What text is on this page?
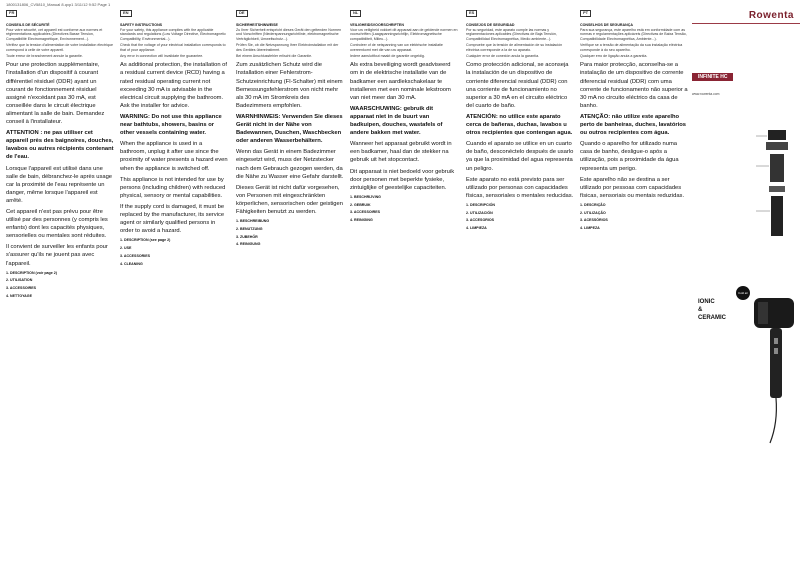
1800131806_CV5810_Manual 8.qxp1 3/11/12 9:52 Page 1
FR
CONSEILS DE SÉCURITÉ

Pour votre sécurité, cet appareil est conforme aux normes et réglementations applicables (Directives Basse Tension, Compatibilité Electromagnétique, Environnement...).

Vérifiez que la tension d'alimentation de votre installation électrique correspond à celle de votre appareil.

Toute erreur de branchement annule la garantie.

Pour une protection supplémentaire, l'installation d'un dispositif à courant différentiel résiduel (DDR) ayant un courant de fonctionnement résiduel assigné n'excédant pas 30 mA, est conseillée dans le circuit électrique alimentant la salle de bain. Demandez conseil à l'installateur.
ATTENTION : ne pas utiliser cet appareil près des baignoires, douches, lavabos ou autres récipients contenant de l'eau.
Lorsque l'appareil est utilisé dans une salle de bain, débranchez-le après usage car la proximité de l'eau représente un danger, même lorsque l'appareil est arrêté.
Cet appareil n'est pas prévu pour être utilisé par des personnes (y compris les enfants) dont les capacités physiques, sensorielles ou mentales sont réduites.
Il convient de surveiller les enfants pour s'assurer qu'ils ne jouent pas avec l'appareil.
1. DESCRIPTION (voir page 2)
2. UTILISATION
3. ACCESSOIRES
4. NETTOYAGE
EN
SAFETY INSTRUCTIONS

For your safety, this appliance complies with the applicable standards and regulations (Low Voltage Directive, Electromagnetic Compatibility, Environmental...).

Check that the voltage of your electrical installation corresponds to that of your appliance.

Any error in connection will invalidate the guarantee.

As additional protection, the installation of a residual current device (RCD) having a rated residual operating current not exceeding 30 mA is advisable in the electrical circuit supplying the bathroom. Ask the installer for advice.
WARNING: Do not use this appliance near bathtubs, showers, basins or other vessels containing water.
When the appliance is used in a bathroom, unplug it after use since the proximity of water presents a hazard even when the appliance is switched off.
This appliance is not intended for use by persons (including children) with reduced physical, sensory or mental capabilities.
If the supply cord is damaged, it must be replaced by the manufacturer, its service agent or similarly qualified persons in order to avoid a hazard.
1. DESCRIPTION (see page 2)
2. USE
3. ACCESSORIES
4. CLEANING
DE
SICHERHEITSHINWEISE

Zu Ihrer Sicherheit entspricht dieses Gerät den geltenden Normen und Vorschriften (Niederspannungsrichtlinie, elektromagnetische Verträglichkeit, Umweltschutz...).

Prüfen Sie, ob die Netzspannung Ihrer Elektroinstallation mit der des Gerätes übereinstimmt.

Bei einem Anschlussfehler erlischt die Garantie.

Zum zusätzlichen Schutz wird die Installation einer Fehlerstrom-Schutzeinrichtung (FI-Schalter) mit einem Bemessungsfehlerstrom von nicht mehr als 30 mA im Stromkreis des Badezimmers empfohlen.
WARNHINWEIS: Verwenden Sie dieses Gerät nicht in der Nähe von Badewannen, Duschen, Waschbecken oder anderen Wasserbehältern.
Wenn das Gerät in einem Badezimmer eingesetzt wird, muss der Netzstecker nach dem Gebrauch gezogen werden, da die Nähe zu Wasser eine Gefahr darstellt.
Dieses Gerät ist nicht dafür vorgesehen, von Personen mit eingeschränkten körperlichen, sensorischen oder geistigen Fähigkeiten benutzt zu werden.
1. BESCHREIBUNG
2. BENUTZUNG
3. ZUBEHÖR
4. REINIGUNG
NL
VEILIGHEIDSVOORSCHRIFTEN

Voor uw veiligheid voldoet dit apparaat aan de geldende normen en voorschriften (Laagspanningsrichtlijn, Elektromagnetische compatibiliteit, Milieu...).

Controleer of de netspanning van uw elektrische installatie overeenkomt met die van uw apparaat.

Iedere aansluitfout maakt de garantie ongeldig.

Als extra beveiliging wordt geadviseerd om in de elektrische installatie van de badkamer een aardlekschakelaar te installeren met een nominale lekstroom van niet meer dan 30 mA.
WAARSCHUWING: gebruik dit apparaat niet in de buurt van badkuipen, douches, wastafels of andere bakken met water.
Wanneer het apparaat gebruikt wordt in een badkamer, haal dan de stekker na gebruik uit het stopcontact.
Dit apparaat is niet bedoeld voor gebruik door personen met beperkte fysieke, zintuiglijke of geestelijke capaciteiten.
1. BESCHRIJVING
2. GEBRUIK
3. ACCESSOIRES
4. REINIGING
ES
CONSEJOS DE SEGURIDAD

Por su seguridad, este aparato cumple las normas y reglamentaciones aplicables (Directivas de Baja Tensión, Compatibilidad Electromagnética, Medio ambiente...).

Compruebe que la tensión de alimentación de su instalación eléctrica corresponde a la de su aparato.

Cualquier error de conexión anula la garantía.

Como protección adicional, se aconseja la instalación de un dispositivo de corriente diferencial residual (DDR) con una corriente de funcionamiento no superior a 30 mA en el circuito eléctrico del cuarto de baño.
ATENCIÓN: no utilice este aparato cerca de bañeras, duchas, lavabos u otros recipientes que contengan agua.
Cuando el aparato se utilice en un cuarto de baño, desconéctelo después de usarlo ya que la proximidad del agua representa un peligro.
Este aparato no está previsto para ser utilizado por personas con capacidades físicas, sensoriales o mentales reducidas.
1. DESCRIPCIÓN
2. UTILIZACIÓN
3. ACCESORIOS
4. LIMPIEZA
PT
CONSELHOS DE SEGURANÇA

Para sua segurança, este aparelho está em conformidade com as normas e regulamentações aplicáveis (Directivas de Baixa Tensão, Compatibilidade Electromagnética, Ambiente...).

Verifique se a tensão de alimentação da sua instalação eléctrica corresponde à do seu aparelho.

Qualquer erro de ligação anula a garantia.

Para maior protecção, aconselha-se a instalação de um dispositivo de corrente diferencial residual (DDR) com uma corrente de funcionamento não superior a 30 mA no circuito eléctrico da casa de banho.
ATENÇÃO: não utilize este aparelho perto de banheiras, duches, lavatórios ou outros recipientes com água.
Quando o aparelho for utilizado numa casa de banho, desligue-o após a utilização, pois a proximidade da água representa um perigo.
Este aparelho não se destina a ser utilizado por pessoas com capacidades físicas, sensoriais ou mentais reduzidas.
1. DESCRIÇÃO
2. UTILIZAÇÃO
3. ACESSÓRIOS
4. LIMPEZA
Rowenta
INFINITE HC
www.rowenta.com
IONIC
&
CERAMIC
Cold air shot
